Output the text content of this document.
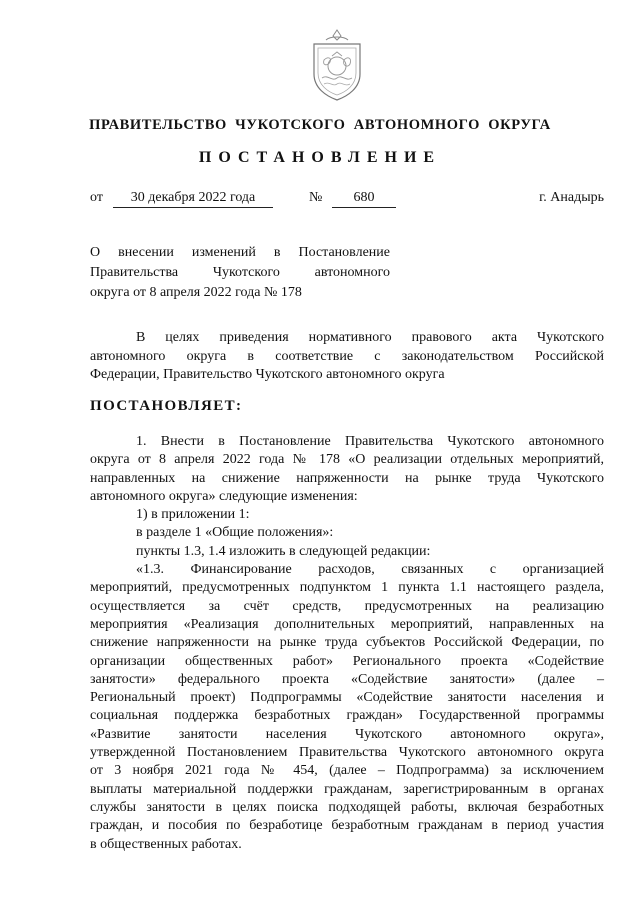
ПРАВИТЕЛЬСТВО ЧУКОТСКОГО АВТОНОМНОГО ОКРУГА
ПОСТАНОВЛЕНИЕ
от	30 декабря 2022 года	№	680	г. Анадырь
О внесении изменений в Постановление
Правительства Чукотского автономного
округа от 8 апреля 2022 года № 178
В целях приведения нормативного правового акта Чукотского
автономного округа в соответствие с законодательством Российской
Федерации, Правительство Чукотского автономного округа
ПОСТАНОВЛЯЕТ:
1. Внести в Постановление Правительства Чукотского автономного
округа от 8 апреля 2022 года № 178 «О реализации отдельных мероприятий,
направленных на снижение напряженности на рынке труда Чукотского
автономного округа» следующие изменения:
1) в приложении 1:
в разделе 1 «Общие положения»:
пункты 1.3, 1.4 изложить в следующей редакции:
«1.3. Финансирование расходов, связанных с организацией
мероприятий, предусмотренных подпунктом 1 пункта 1.1 настоящего раздела,
осуществляется за счёт средств, предусмотренных на реализацию
мероприятия «Реализация дополнительных мероприятий, направленных на
снижение напряженности на рынке труда субъектов Российской Федерации, по
организации общественных работ» Регионального проекта «Содействие
занятости» федерального проекта «Содействие занятости» (далее –
Региональный проект) Подпрограммы «Содействие занятости населения и
социальная поддержка безработных граждан» Государственной программы
«Развитие занятости населения Чукотского автономного округа»,
утвержденной Постановлением Правительства Чукотского автономного округа
от 3 ноября 2021 года № 454, (далее – Подпрограмма) за исключением
выплаты материальной поддержки гражданам, зарегистрированным в органах
службы занятости в целях поиска подходящей работы, включая безработных
граждан, и пособия по безработице безработным гражданам в период участия
в общественных работах.
